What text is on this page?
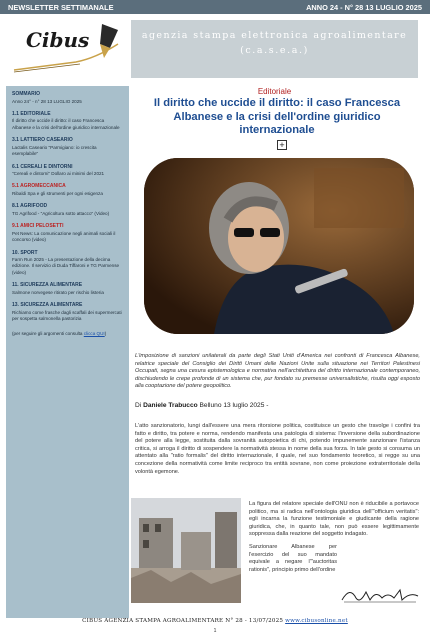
NEWSLETTER SETTIMANALE	ANNO 24 - N° 28 13 LUGLIO 2025
Cibus	agenzia stampa elettronica agroalimentare
(c.a.s.e.a.)
SOMMARIO
Anno 24° - n° 28 13 LUGLIO 2025
1.1 EDITORIALE
Il diritto che uccide il diritto: il caso Francesca Albanese e la crisi dell'ordine giuridico internazionale
3.1 LATTIERO CASEARIO
Lactalis Caseario "Parmigiano: io crescita esemplabile"
6.1 CEREALI E DINTORNI
"Cereali e dintorni" Dollaro ai minimi del 2021
5.1 AGROMECCANICA
Ribaldi Spa e gli strumenti per ogni esigenza
8.1 AGRIFOOD
TG Agrifood - "Agricoltura sotto attacco" (Video)
9.1 AMICI PELOSETTI
Pet News: La comunicazione negli animali sociali il concorso (video)
10. SPORT
Farm Run 2025 - La presentazione della decima edizione. Il servizio di Duda Tiffaroni e TG Parmense (video)
11. SICUREZZA ALIMENTARE
Salmone norvegese ritirato per rischio listeria
13. SICUREZZA ALIMENTARE
Richiamo come frasche dagli scaffali dei supermercati per sospetta salmonella pastorizia
(per seguire gli argomenti consulta clicca QUI)
Editoriale
Il diritto che uccide il diritto: il caso Francesca Albanese e la crisi dell'ordine giuridico internazionale
+
L'imposizione di sanzioni unilaterali da parte degli Stati Uniti d'America nei confronti di Francesca Albanese, relatrice speciale del Consiglio dei Diritti Umani delle Nazioni Unite sulla situazione nei Territori Palestinesi Occupati, segna una cesura epistemologica e normativa nell'architettura del diritto internazionale contemporaneo, dischiudendo le crepe profonde di un sistema che, pur fondato su premesse universalistiche, risulta oggi esposto alla cooptazione del potere geopolitico.
Di Daniele Trabucco Belluno 13 luglio 2025 -
L'atto sanzionatorio, lungi dall'essere una mera ritorsione politica, costituisce un gesto che travolge i confini tra fatto e diritto, tra potere e norma, rendendo manifesta una patologia di sistema: l'inversione della subordinazione del potere alla legge, sostituita dalla sovranità autopoietica di chi, potendo impunemente sanzionare l'istanza critica, si arroga il diritto di sospendere la normatività stessa in nome della sua forza. In tale gesto si consuma un attentato alla "ratio formalis" del diritto internazionale, il quale, nel suo fondamento teoretico, si regge su una concezione della normatività come limite reciproco tra entità sovrane, non come proiezione extraterritoriale della volontà egemone.

La figura del relatore speciale dell'ONU non è riducibile a portavoce politico, ma si radica nell'ontologia giuridica dell'"officium veritatis": egli incarna la funzione testimoniale e giudicante della ragione giuridica, che, in quanto tale, non può essere legittimamente soppressa dalla reazione del soggetto indagato.

Sanzionare Albanese per l'esercizio del suo mandato equivale a negare l'"auctoritas rationis", principio primo dell'ordine

CIBUS AGENZIA STAMPA AGROALIMENTARE N° 28 - 13/07/2025 www.cibusonline.net
1
